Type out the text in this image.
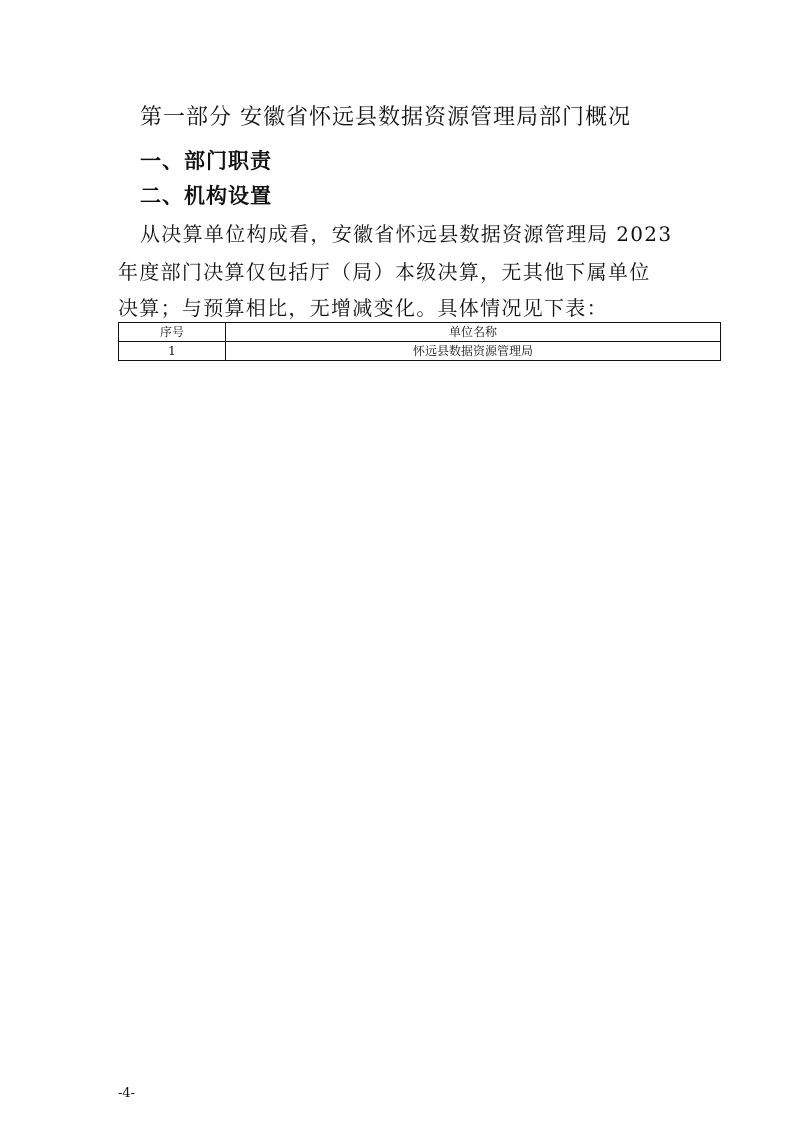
第一部分 安徽省怀远县数据资源管理局部门概况
一、部门职责
二、机构设置
从决算单位构成看，安徽省怀远县数据资源管理局 2023
年度部门决算仅包括厅（局）本级决算，无其他下属单位
决算；与预算相比，无增减变化。具体情况见下表：
序号	单位名称
1	怀远县数据资源管理局
-4-
